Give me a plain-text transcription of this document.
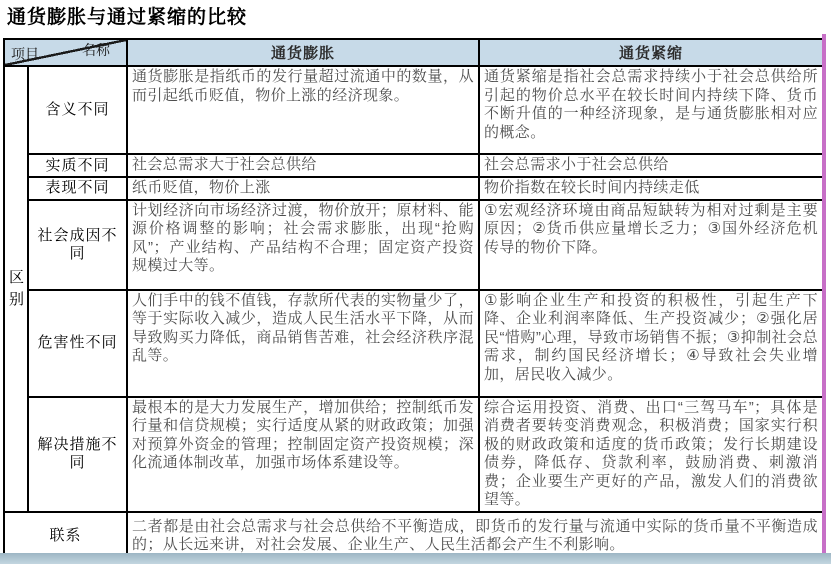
通货膨胀与通过紧缩的比较
名称
项目		通货膨胀	通货紧缩
区别	含义不同	通货膨胀是指纸币的发行量超过流通中的数量，从而引起纸币贬值，物价上涨的经济现象。	通货紧缩是指社会总需求持续小于社会总供给所引起的物价总水平在较长时间内持续下降、货币不断升值的一种经济现象，是与通货膨胀相对应的概念。
	实质不同	社会总需求大于社会总供给	社会总需求小于社会总供给
	表现不同	纸币贬值，物价上涨	物价指数在较长时间内持续走低
	社会成因不同	计划经济向市场经济过渡，物价放开；原材料、能源价格调整的影响；社会需求膨胀，出现“抢购风”；产业结构、产品结构不合理；固定资产投资规模过大等。	①宏观经济环境由商品短缺转为相对过剩是主要原因；②货币供应量增长乏力；③国外经济危机传导的物价下降。
	危害性不同	人们手中的钱不值钱，存款所代表的实物量少了，等于实际收入减少，造成人民生活水平下降，从而导致购买力降低，商品销售苦难，社会经济秩序混乱等。	①影响企业生产和投资的积极性，引起生产下降、企业利润率降低、生产投资减少；②强化居民“惜购”心理，导致市场销售不振；③抑制社会总需求，制约国民经济增长；④导致社会失业增加，居民收入减少。
	解决措施不同	最根本的是大力发展生产，增加供给；控制纸币发行量和信贷规模；实行适度从紧的财政政策；加强对预算外资金的管理；控制固定资产投资规模；深化流通体制改革，加强市场体系建设等。	综合运用投资、消费、出口“三驾马车”；具体是消费者要转变消费观念，积极消费；国家实行积极的财政政策和适度的货币政策；发行长期建设债券，降低存、贷款利率，鼓励消费、刺激消费；企业要生产更好的产品，激发人们的消费欲望等。
联系		二者都是由社会总需求与社会总供给不平衡造成，即货币的发行量与流通中实际的货币量不平衡造成的；从长远来讲，对社会发展、企业生产、人民生活都会产生不利影响。	
